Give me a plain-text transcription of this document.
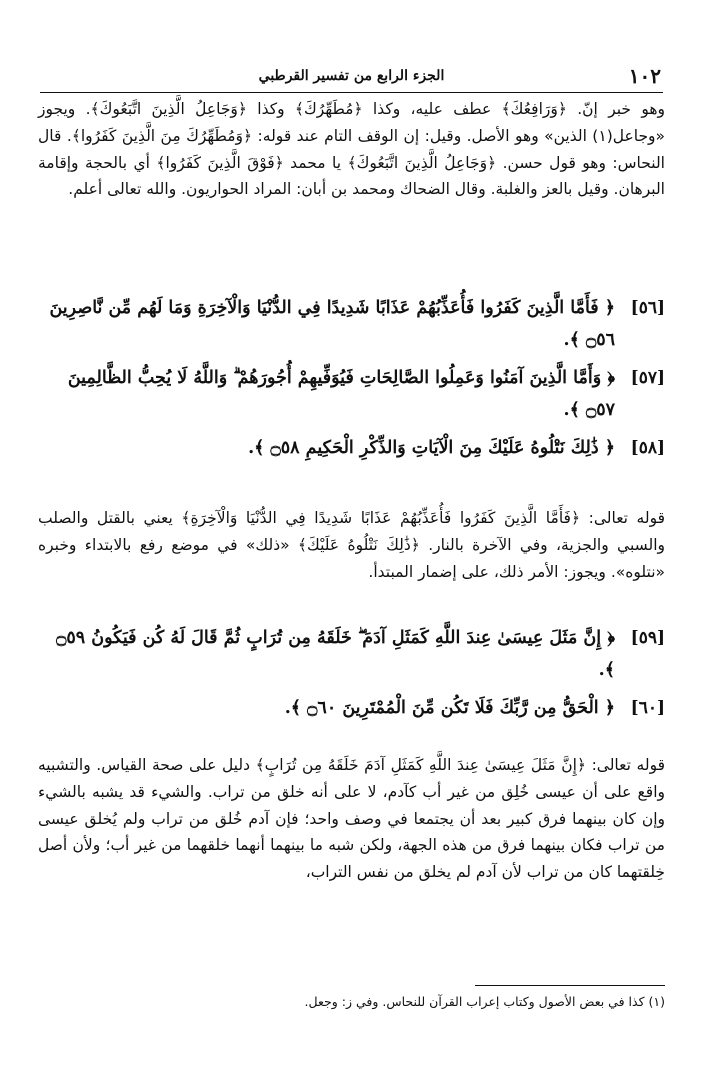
١٠٢
الجزء الرابع من تفسير القرطبي

وهو خبر إنّ. ﴿وَرَافِعُكَ﴾ عطف عليه، وكذا ﴿مُطَهِّرُكَ﴾ وكذا ﴿وَجَاعِلُ الَّذِينَ اتَّبَعُوكَ﴾. ويجوز «وجاعل(١) الذين» وهو الأصل. وقيل: إن الوقف التام عند قوله: ﴿وَمُطَهِّرُكَ مِنَ الَّذِينَ كَفَرُوا﴾. قال النحاس: وهو قول حسن. ﴿وَجَاعِلُ الَّذِينَ اتَّبَعُوكَ﴾ يا محمد ﴿فَوْقَ الَّذِينَ كَفَرُوا﴾ أي بالحجة وإقامة البرهان. وقيل بالعز والغلبة. وقال الضحاك ومحمد بن أبان: المراد الحواريون. والله تعالى أعلم.

[٥٦]
﴿ فَأَمَّا الَّذِينَ كَفَرُوا فَأُعَذِّبُهُمْ عَذَابًا شَدِيدًا فِي الدُّنْيَا وَالْآخِرَةِ وَمَا لَهُم مِّن نَّاصِرِينَ ۝٥٦ ﴾.
[٥٧]
﴿ وَأَمَّا الَّذِينَ آمَنُوا وَعَمِلُوا الصَّالِحَاتِ فَيُوَفِّيهِمْ أُجُورَهُمْ ۗ وَاللَّهُ لَا يُحِبُّ الظَّالِمِينَ ۝٥٧ ﴾.
[٥٨]
﴿ ذَٰلِكَ نَتْلُوهُ عَلَيْكَ مِنَ الْآيَاتِ وَالذِّكْرِ الْحَكِيمِ ۝٥٨ ﴾.

قوله تعالى: ﴿فَأَمَّا الَّذِينَ كَفَرُوا فَأُعَذِّبُهُمْ عَذَابًا شَدِيدًا فِي الدُّنْيَا وَالْآخِرَةِ﴾ يعني بالقتل والصلب والسبي والجزية، وفي الآخرة بالنار. ﴿ذَٰلِكَ نَتْلُوهُ عَلَيْكَ﴾ «ذلك» في موضع رفع بالابتداء وخبره «نتلوه». ويجوز: الأمر ذلك، على إضمار المبتدأ.

[٥٩]
﴿ إِنَّ مَثَلَ عِيسَىٰ عِندَ اللَّهِ كَمَثَلِ آدَمَ ۖ خَلَقَهُ مِن تُرَابٍ ثُمَّ قَالَ لَهُ كُن فَيَكُونُ ۝٥٩ ﴾.
[٦٠]
﴿ الْحَقُّ مِن رَّبِّكَ فَلَا تَكُن مِّنَ الْمُمْتَرِينَ ۝٦٠ ﴾.

قوله تعالى: ﴿إِنَّ مَثَلَ عِيسَىٰ عِندَ اللَّهِ كَمَثَلِ آدَمَ خَلَقَهُ مِن تُرَابٍ﴾ دليل على صحة القياس. والتشبيه واقع على أن عيسى خُلِق من غير أب كآدم، لا على أنه خلق من تراب. والشيء قد يشبه بالشيء وإن كان بينهما فرق كبير بعد أن يجتمعا في وصف واحد؛ فإن آدم خُلق من تراب ولم يُخلق عيسى من تراب فكان بينهما فرق من هذه الجهة، ولكن شبه ما بينهما أنهما خلقهما من غير أب؛ ولأن أصل خِلقتهما كان من تراب لأن آدم لم يخلق من نفس التراب،

(١) كذا في بعض الأصول وكتاب إعراب القرآن للنحاس. وفي ز: وجعل.
